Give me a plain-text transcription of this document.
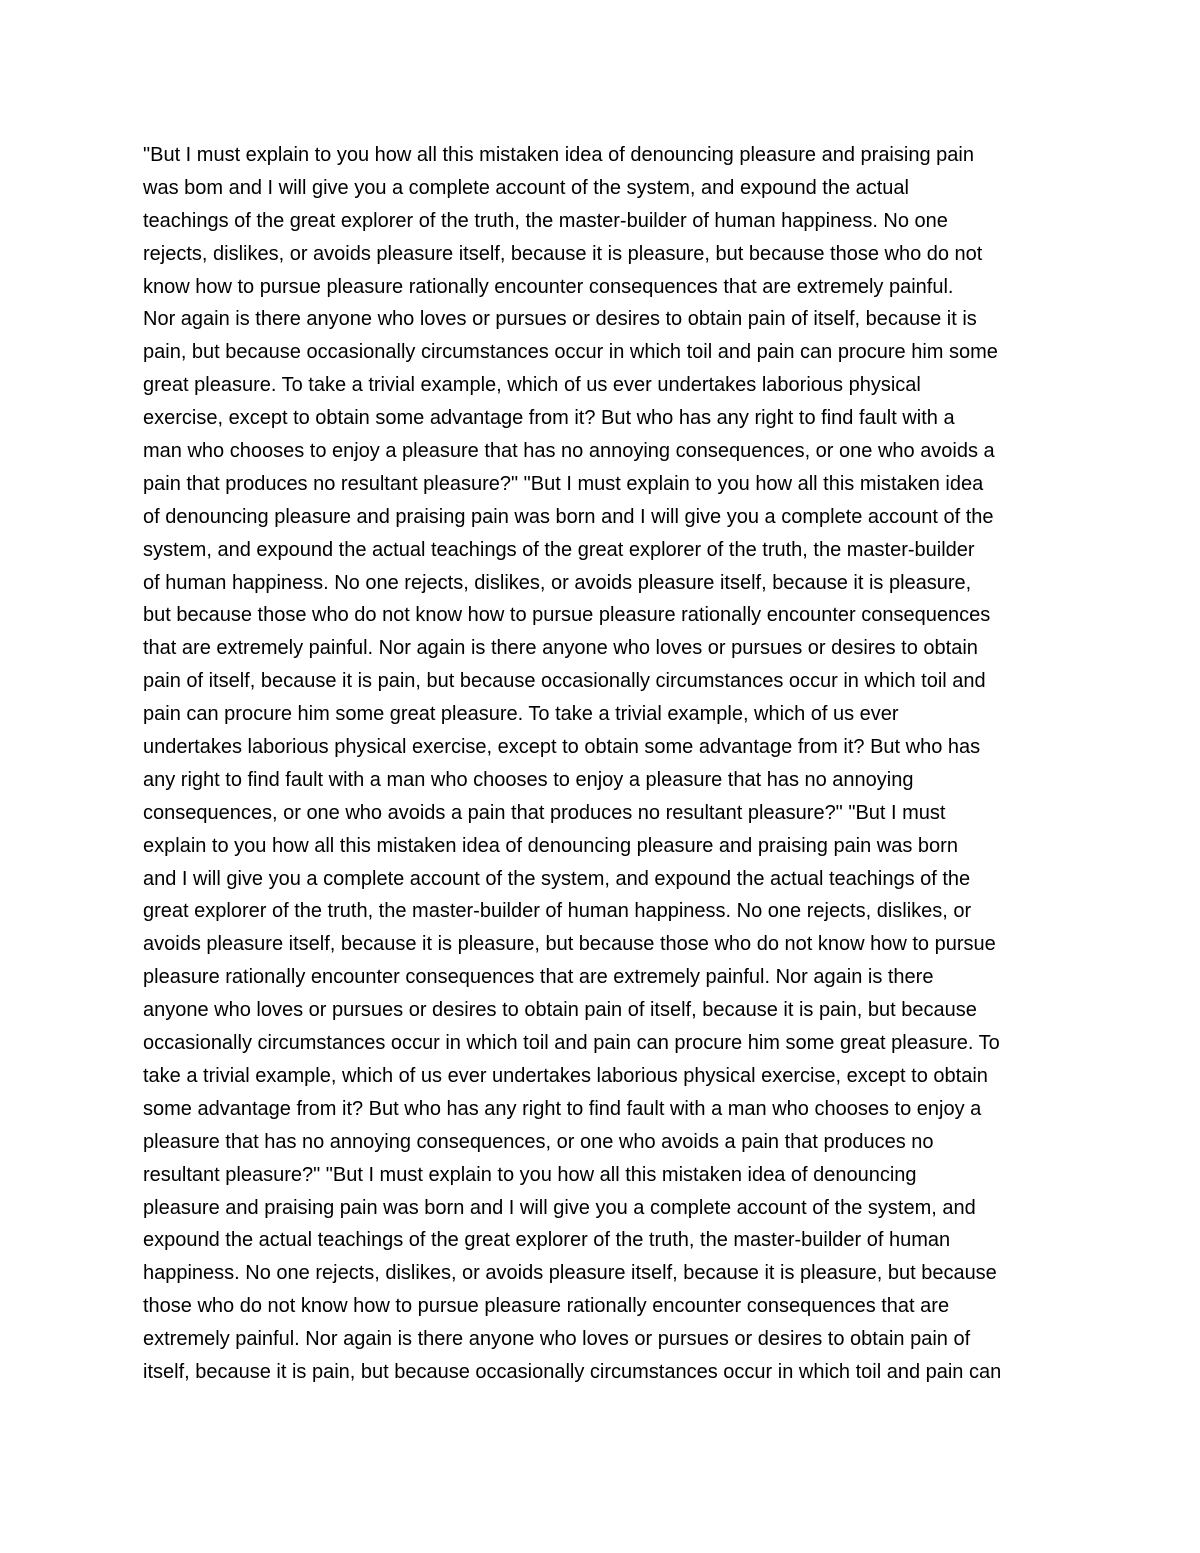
"But I must explain to you how all this mistaken idea of denouncing pleasure and praising pain
was bom and I will give you a complete account of the system, and expound the actual
teachings of the great explorer of the truth, the master-builder of human happiness. No one
rejects, dislikes, or avoids pleasure itself, because it is pleasure, but because those who do not
know how to pursue pleasure rationally encounter consequences that are extremely painful.
Nor again is there anyone who loves or pursues or desires to obtain pain of itself, because it is
pain, but because occasionally circumstances occur in which toil and pain can procure him some
great pleasure. To take a trivial example, which of us ever undertakes laborious physical
exercise, except to obtain some advantage from it? But who has any right to find fault with a
man who chooses to enjoy a pleasure that has no annoying consequences, or one who avoids a
pain that produces no resultant pleasure?" "But I must explain to you how all this mistaken idea
of denouncing pleasure and praising pain was born and I will give you a complete account of the
system, and expound the actual teachings of the great explorer of the truth, the master-builder
of human happiness. No one rejects, dislikes, or avoids pleasure itself, because it is pleasure,
but because those who do not know how to pursue pleasure rationally encounter consequences
that are extremely painful. Nor again is there anyone who loves or pursues or desires to obtain
pain of itself, because it is pain, but because occasionally circumstances occur in which toil and
pain can procure him some great pleasure. To take a trivial example, which of us ever
undertakes laborious physical exercise, except to obtain some advantage from it? But who has
any right to find fault with a man who chooses to enjoy a pleasure that has no annoying
consequences, or one who avoids a pain that produces no resultant pleasure?" "But I must
explain to you how all this mistaken idea of denouncing pleasure and praising pain was born
and I will give you a complete account of the system, and expound the actual teachings of the
great explorer of the truth, the master-builder of human happiness. No one rejects, dislikes, or
avoids pleasure itself, because it is pleasure, but because those who do not know how to pursue
pleasure rationally encounter consequences that are extremely painful. Nor again is there
anyone who loves or pursues or desires to obtain pain of itself, because it is pain, but because
occasionally circumstances occur in which toil and pain can procure him some great pleasure. To
take a trivial example, which of us ever undertakes laborious physical exercise, except to obtain
some advantage from it? But who has any right to find fault with a man who chooses to enjoy a
pleasure that has no annoying consequences, or one who avoids a pain that produces no
resultant pleasure?" "But I must explain to you how all this mistaken idea of denouncing
pleasure and praising pain was born and I will give you a complete account of the system, and
expound the actual teachings of the great explorer of the truth, the master-builder of human
happiness. No one rejects, dislikes, or avoids pleasure itself, because it is pleasure, but because
those who do not know how to pursue pleasure rationally encounter consequences that are
extremely painful. Nor again is there anyone who loves or pursues or desires to obtain pain of
itself, because it is pain, but because occasionally circumstances occur in which toil and pain can
